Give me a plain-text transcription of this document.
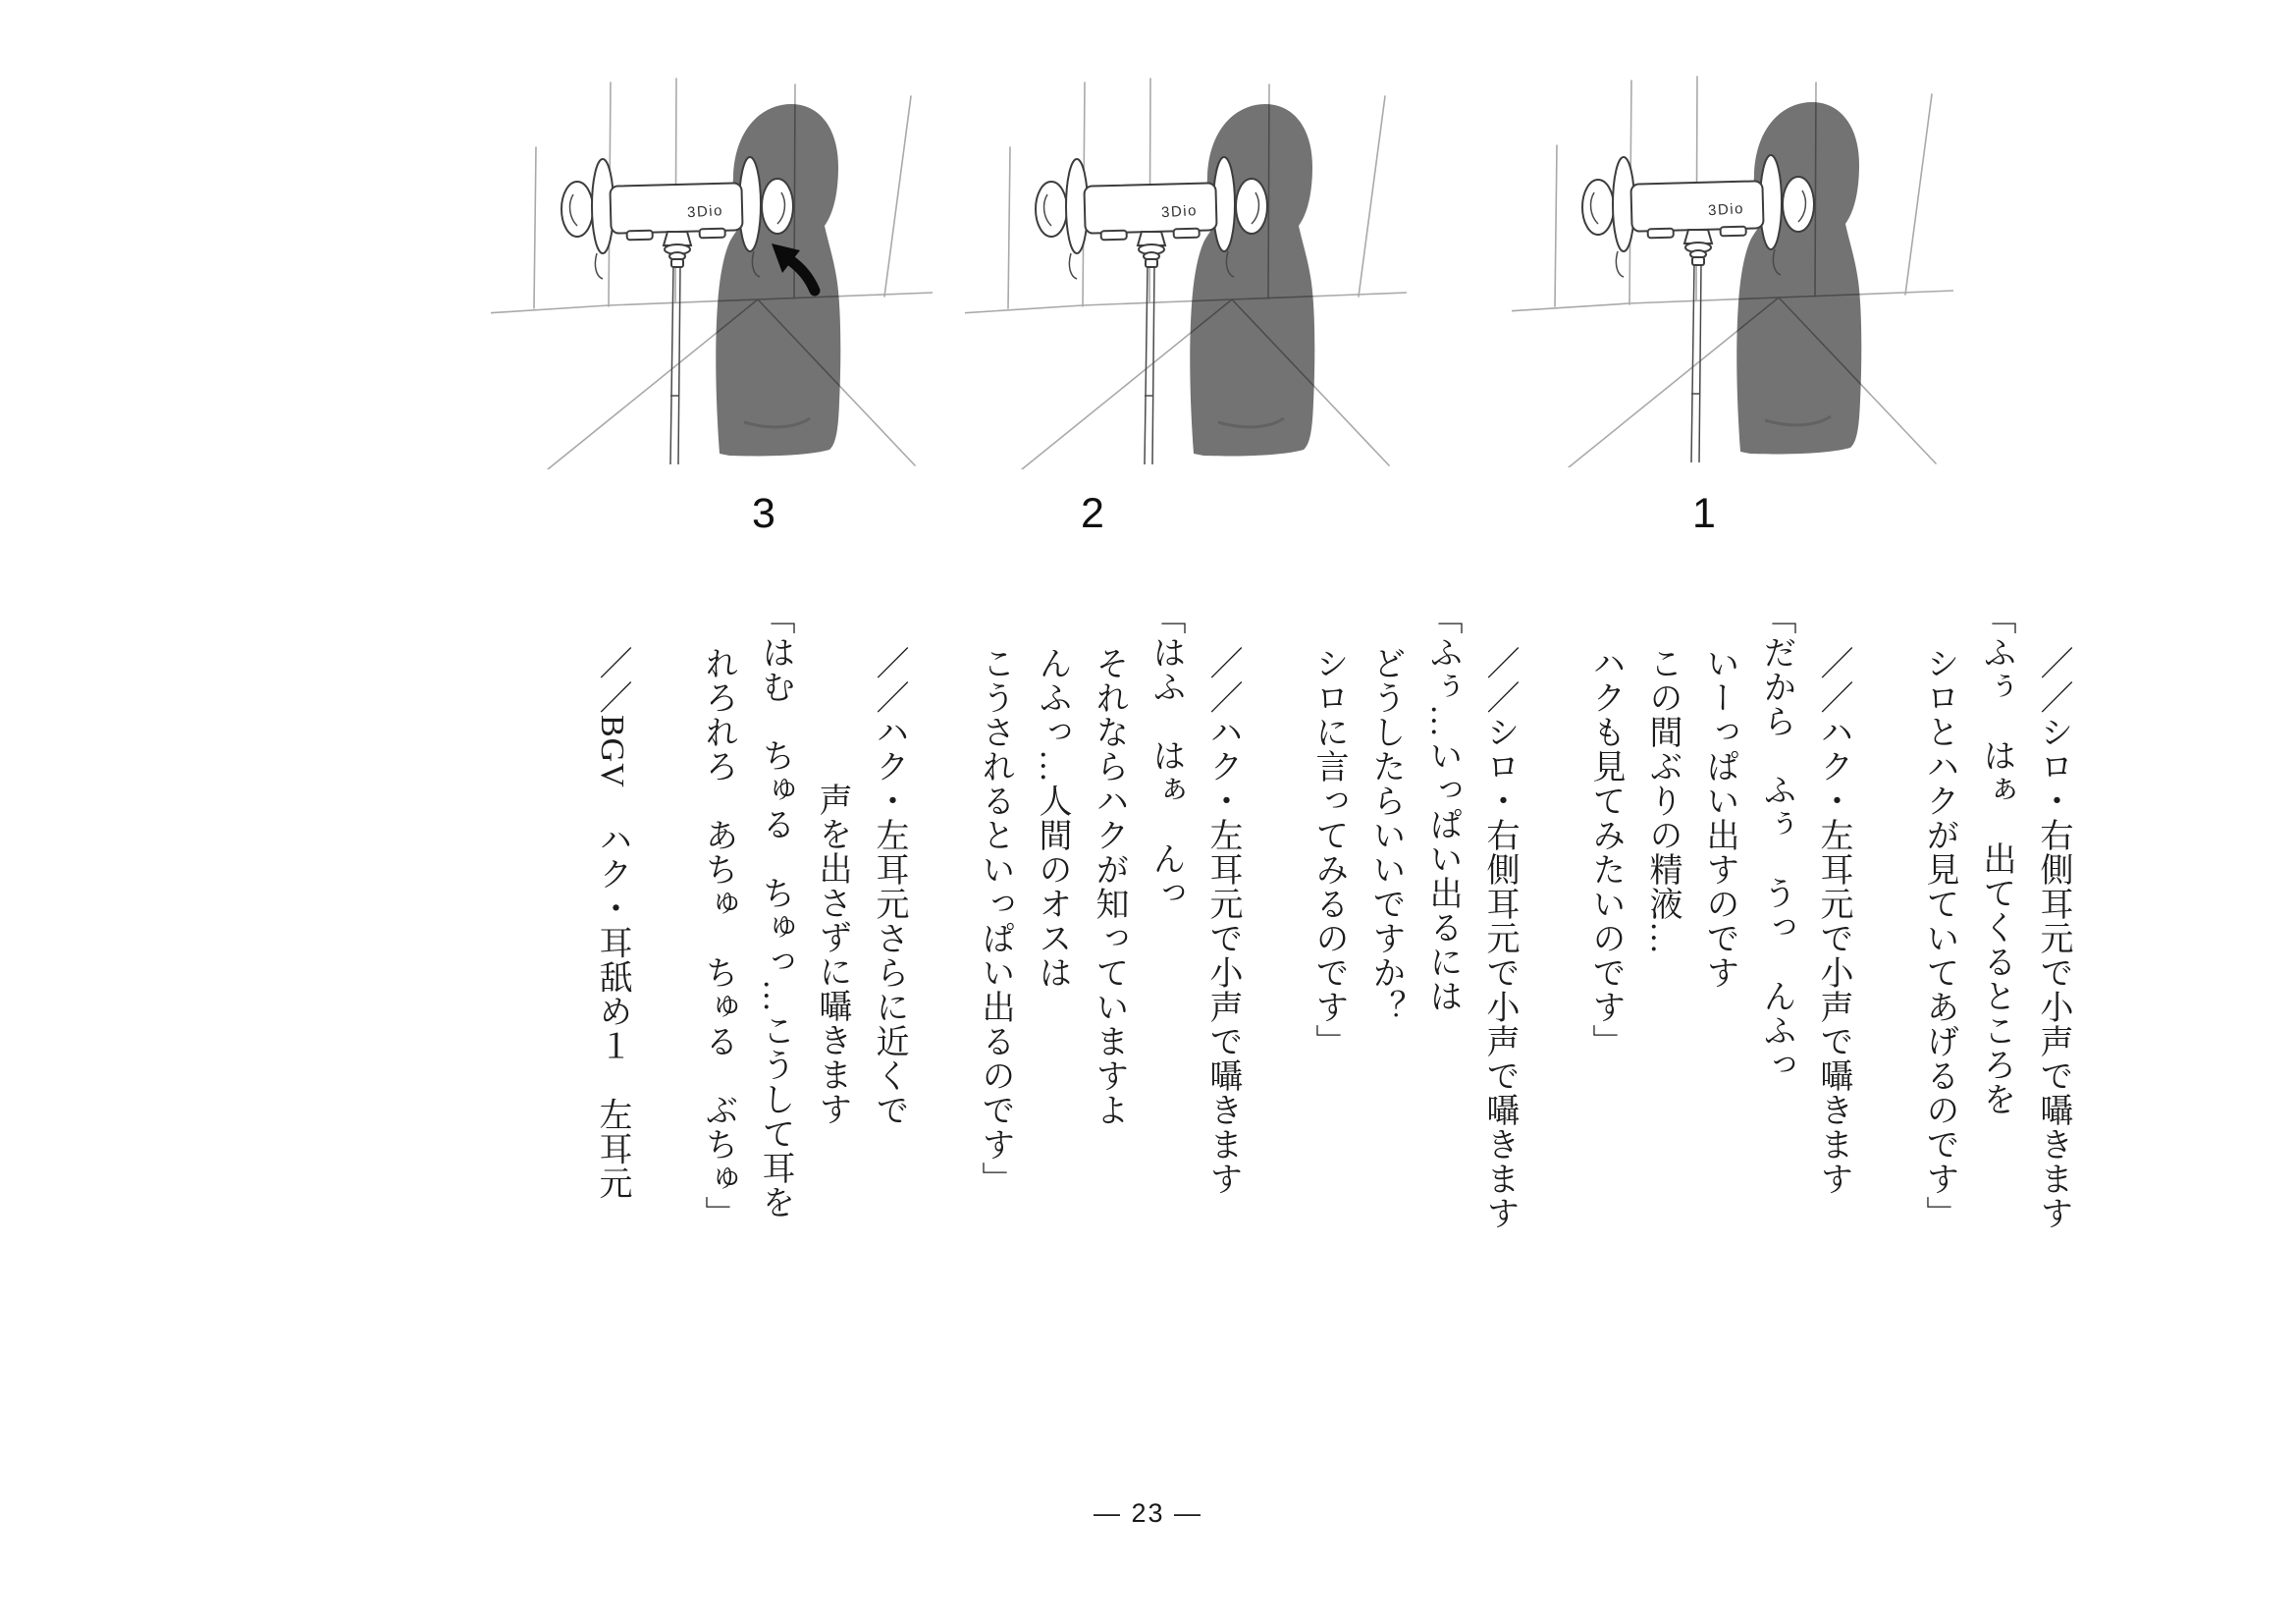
3	2	1

／／シロ・右側耳元で小声で囁きます

「ふぅ　はぁ　出てくるところを

シロとハクが見ていてあげるのです」

／／ハク・左耳元で小声で囁きます

「だから　ふぅ　うっ　んふっ

いーっぱい出すのです

この間ぶりの精液…

ハクも見てみたいのです」

／／シロ・右側耳元で小声で囁きます

「ふぅ…いっぱい出るには

どうしたらいいですか？

シロに言ってみるのです」

／／ハク・左耳元で小声で囁きます

「はふ　はぁ　んっ

それならハクが知っていますよ

んふっ…人間のオスは

こうされるといっぱい出るのです」

／／ハク・左耳元さらに近くで

声を出さずに囁きます

「はむ　ちゅる　ちゅっ…こうして耳を

れろれろ　あちゅ　ちゅる　ぶちゅ」

／／BGV　ハク・耳舐め１　左耳元

— 23 —
